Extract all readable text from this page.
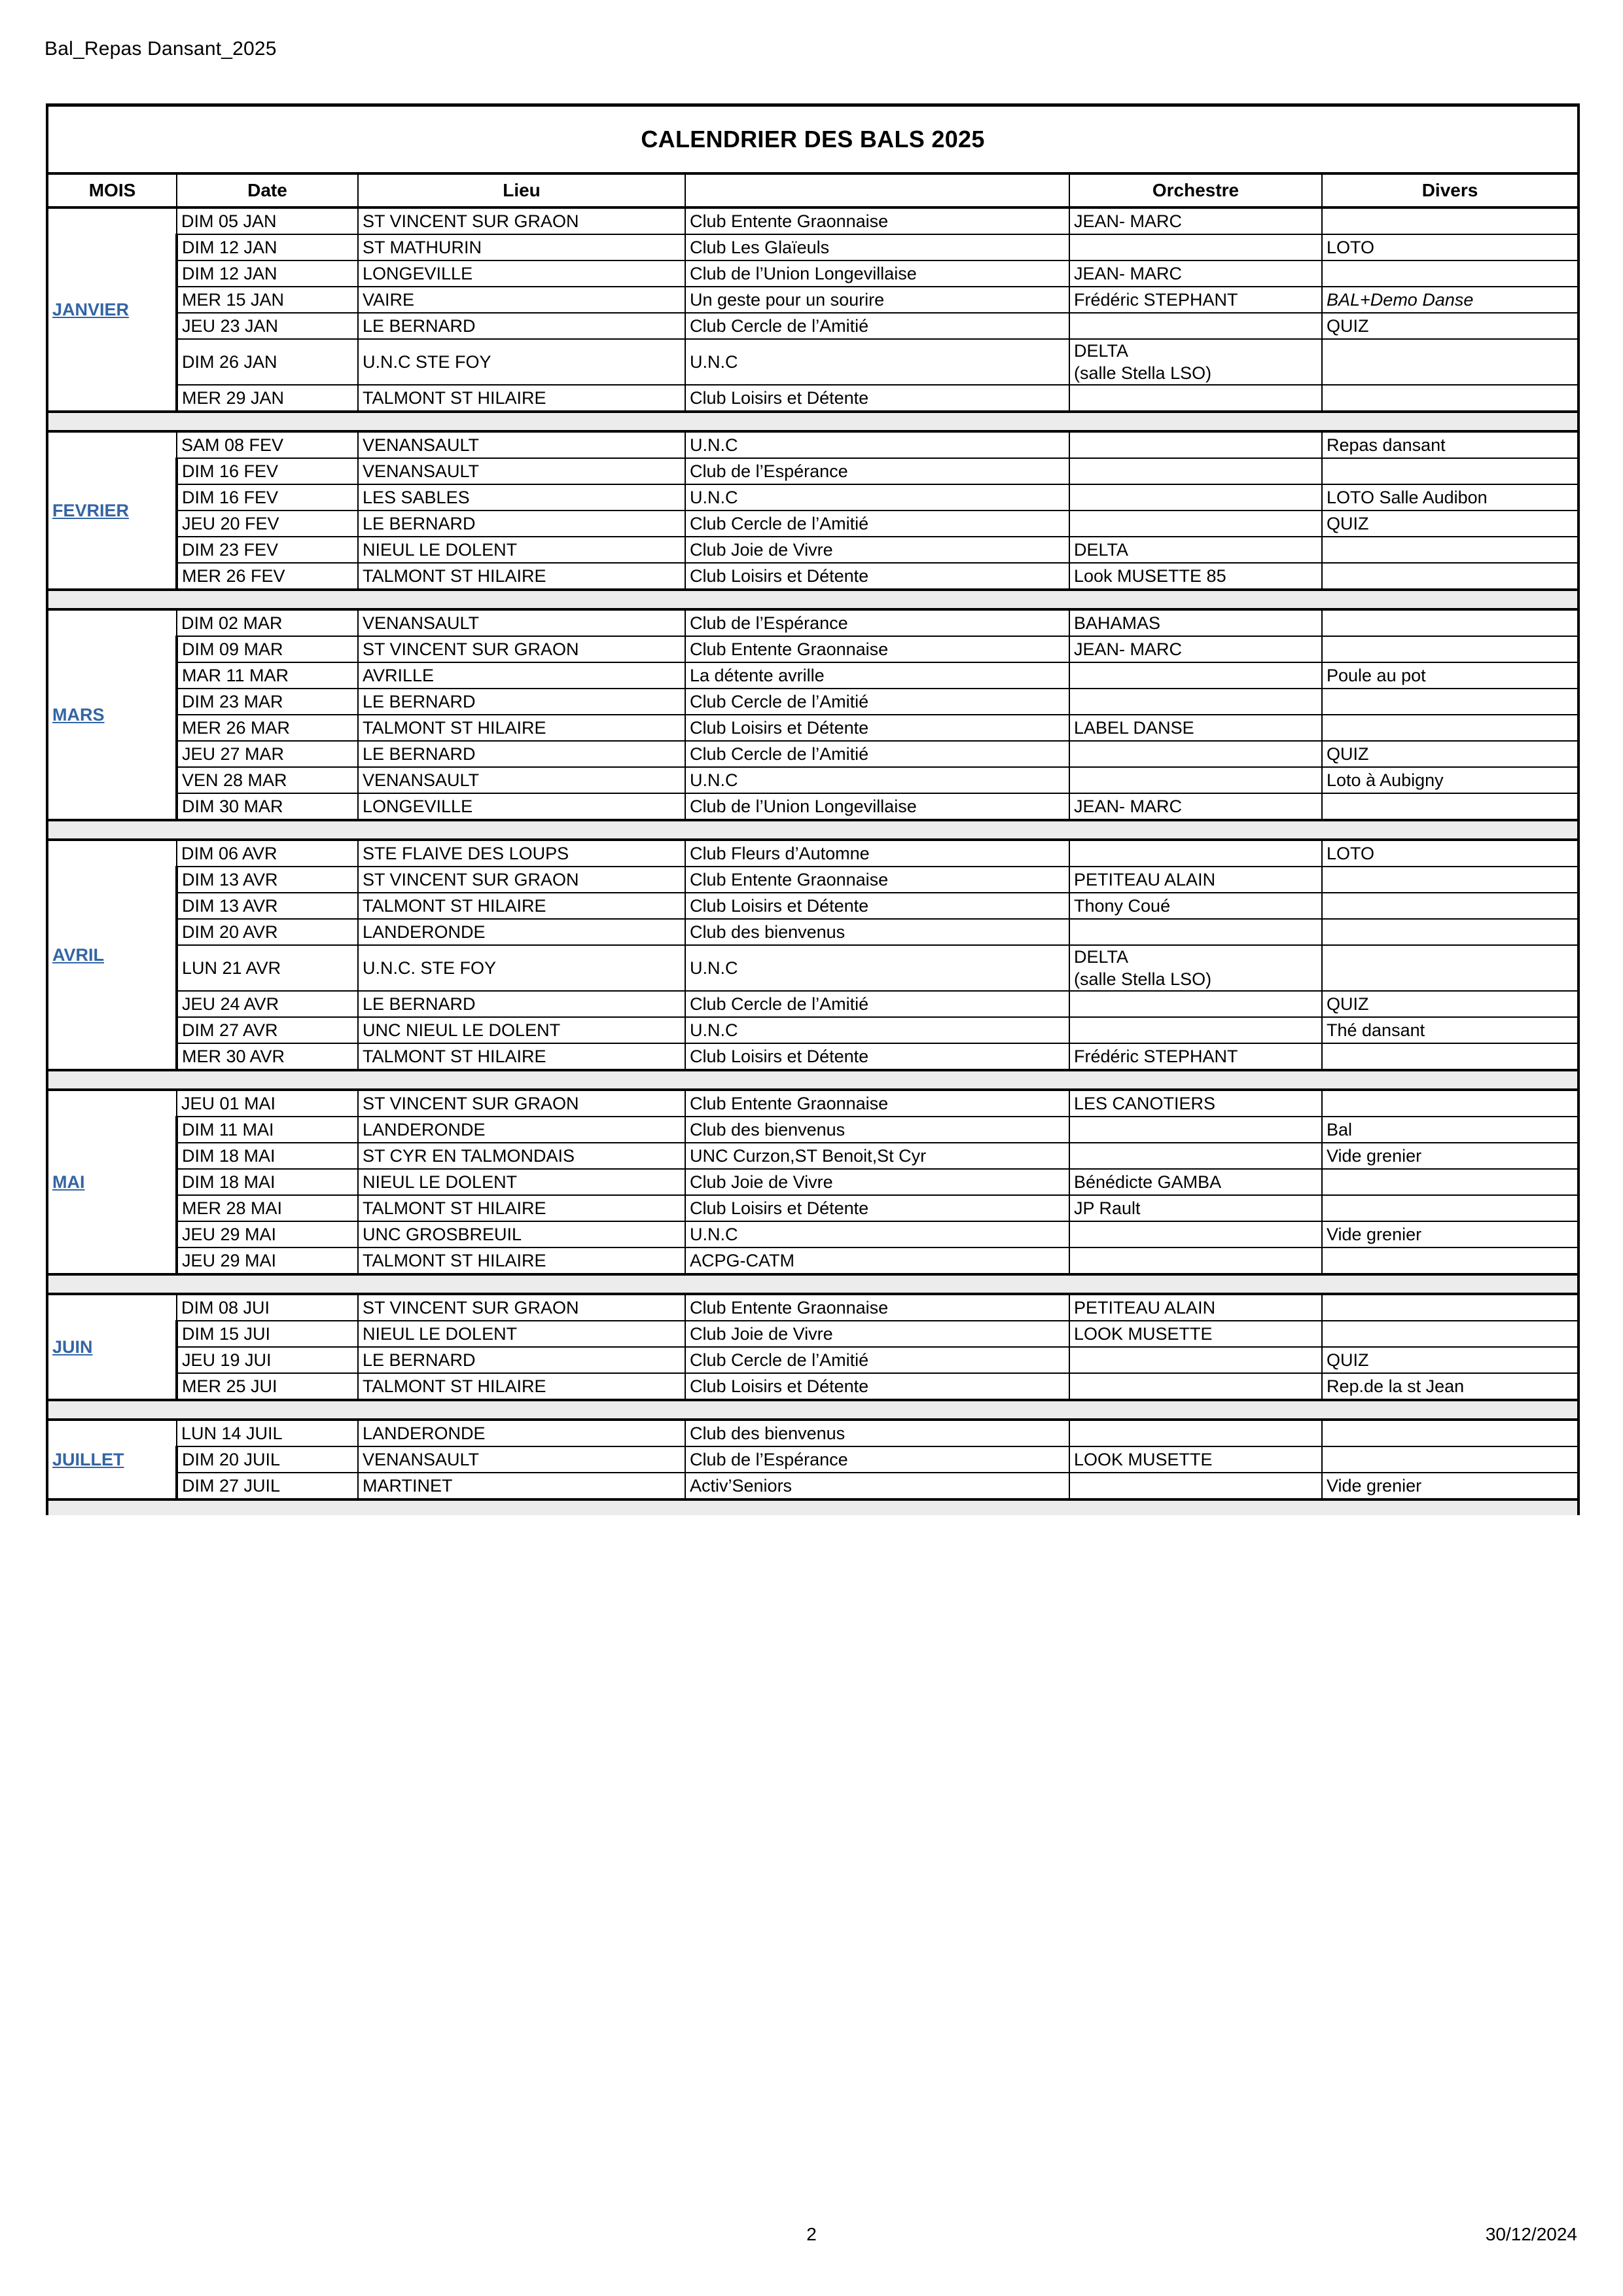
Bal_Repas Dansant_2025
CALENDRIER DES BALS 2025					
MOIS	Date	Lieu		Orchestre	Divers
JANVIER	DIM 05 JAN	ST VINCENT SUR GRAON	Club Entente Graonnaise	JEAN- MARC	

	DIM 12 JAN	ST MATHURIN	Club Les Glaïeuls		LOTO
	DIM 12 JAN	LONGEVILLE	Club de l’Union Longevillaise	JEAN- MARC	

	MER 15 JAN	VAIRE	Un geste pour un sourire	Frédéric STEPHANT	BAL+Demo Danse
	JEU 23 JAN	LE BERNARD	Club Cercle de l’Amitié		QUIZ
	DIM 26 JAN	U.N.C STE FOY	U.N.C	DELTA
(salle Stella LSO)	

	MER 29 JAN	TALMONT ST HILAIRE	Club Loisirs et Détente		

FEVRIER	SAM 08 FEV	VENANSAULT	U.N.C		Repas dansant
	DIM 16 FEV	VENANSAULT	Club de l’Espérance		
	DIM 16 FEV	LES SABLES	U.N.C		LOTO Salle Audibon
	JEU 20 FEV	LE BERNARD	Club Cercle de l’Amitié		QUIZ
	DIM 23 FEV	NIEUL LE DOLENT	Club Joie de Vivre	DELTA	

	MER 26 FEV	TALMONT ST HILAIRE	Club Loisirs et Détente	Look MUSETTE 85	

MARS	DIM 02 MAR	VENANSAULT	Club de l’Espérance	BAHAMAS	

	DIM 09 MAR	ST VINCENT SUR GRAON	Club Entente Graonnaise	JEAN- MARC	

	MAR 11 MAR	AVRILLE	La détente avrille		Poule au pot
	DIM 23 MAR	LE BERNARD	Club Cercle de l’Amitié		
	MER 26 MAR	TALMONT ST HILAIRE	Club Loisirs et Détente	LABEL DANSE	

	JEU 27 MAR	LE BERNARD	Club Cercle de l’Amitié		QUIZ
	VEN 28 MAR	VENANSAULT	U.N.C		Loto à Aubigny
	DIM 30 MAR	LONGEVILLE	Club de l’Union Longevillaise	JEAN- MARC	

AVRIL	DIM 06 AVR	STE FLAIVE DES LOUPS	Club Fleurs d’Automne		LOTO
	DIM 13 AVR	ST VINCENT SUR GRAON	Club Entente Graonnaise	PETITEAU ALAIN	

	DIM 13 AVR	TALMONT ST HILAIRE	Club Loisirs et Détente	Thony Coué	

	DIM 20 AVR	LANDERONDE	Club des bienvenus		
	LUN 21 AVR	U.N.C. STE FOY	U.N.C	DELTA
(salle Stella LSO)	

	JEU 24 AVR	LE BERNARD	Club Cercle de l’Amitié		QUIZ
	DIM 27 AVR	UNC NIEUL LE DOLENT	U.N.C		Thé dansant
	MER 30 AVR	TALMONT ST HILAIRE	Club Loisirs et Détente	Frédéric STEPHANT	

MAI	JEU 01 MAI	ST VINCENT SUR GRAON	Club Entente Graonnaise	LES CANOTIERS	

	DIM 11 MAI	LANDERONDE	Club des bienvenus		Bal
	DIM 18 MAI	ST CYR EN TALMONDAIS	UNC Curzon,ST Benoit,St Cyr		Vide grenier
	DIM 18 MAI	NIEUL LE DOLENT	Club Joie de Vivre	Bénédicte GAMBA	

	MER 28 MAI	TALMONT ST HILAIRE	Club Loisirs et Détente	JP Rault	

	JEU 29 MAI	UNC GROSBREUIL	U.N.C		Vide grenier
	JEU 29 MAI	TALMONT ST HILAIRE	ACPG-CATM		

JUIN	DIM 08 JUI	ST VINCENT SUR GRAON	Club Entente Graonnaise	PETITEAU ALAIN	

	DIM 15 JUI	NIEUL LE DOLENT	Club Joie de Vivre	LOOK MUSETTE	

	JEU 19 JUI	LE BERNARD	Club Cercle de l’Amitié		QUIZ
	MER 25 JUI	TALMONT ST HILAIRE	Club Loisirs et Détente		Rep.de la st Jean

JUILLET	LUN 14 JUIL	LANDERONDE	Club des bienvenus		
	DIM 20 JUIL	VENANSAULT	Club de l’Espérance	LOOK MUSETTE	

	DIM 27 JUIL	MARTINET	Activ’Seniors		Vide grenier

2	30/12/2024
